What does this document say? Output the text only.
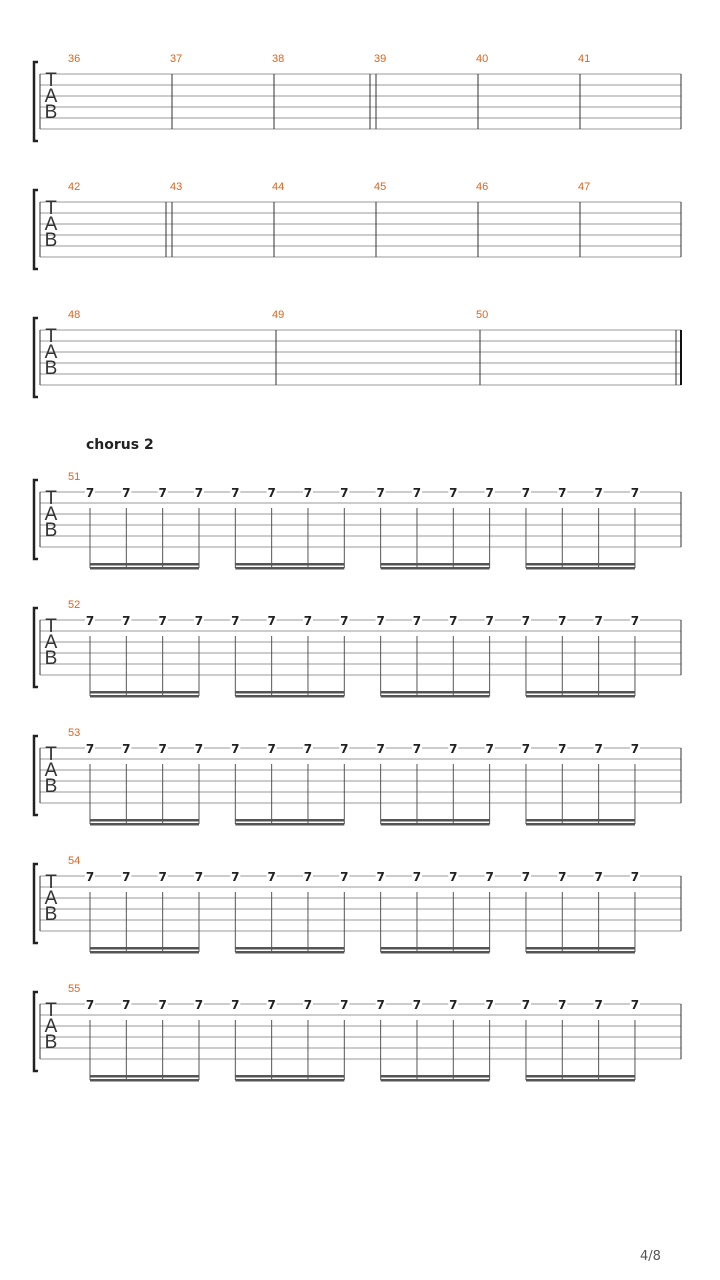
T
A
B
36	37	38	39	40	41
T
A
B
42	43	44	45	46	47
T
A
B
48	49	50
T
A
B
51
7 7 7 7 7 7 7 7 7 7 7 7 7 7 7 7
T
A
B
52
7 7 7 7 7 7 7 7 7 7 7 7 7 7 7 7
T
A
B
53
7 7 7 7 7 7 7 7 7 7 7 7 7 7 7 7
T
A
B
54
7 7 7 7 7 7 7 7 7 7 7 7 7 7 7 7
T
A
B
55
7 7 7 7 7 7 7 7 7 7 7 7 7 7 7 7
chorus 2
4/8
